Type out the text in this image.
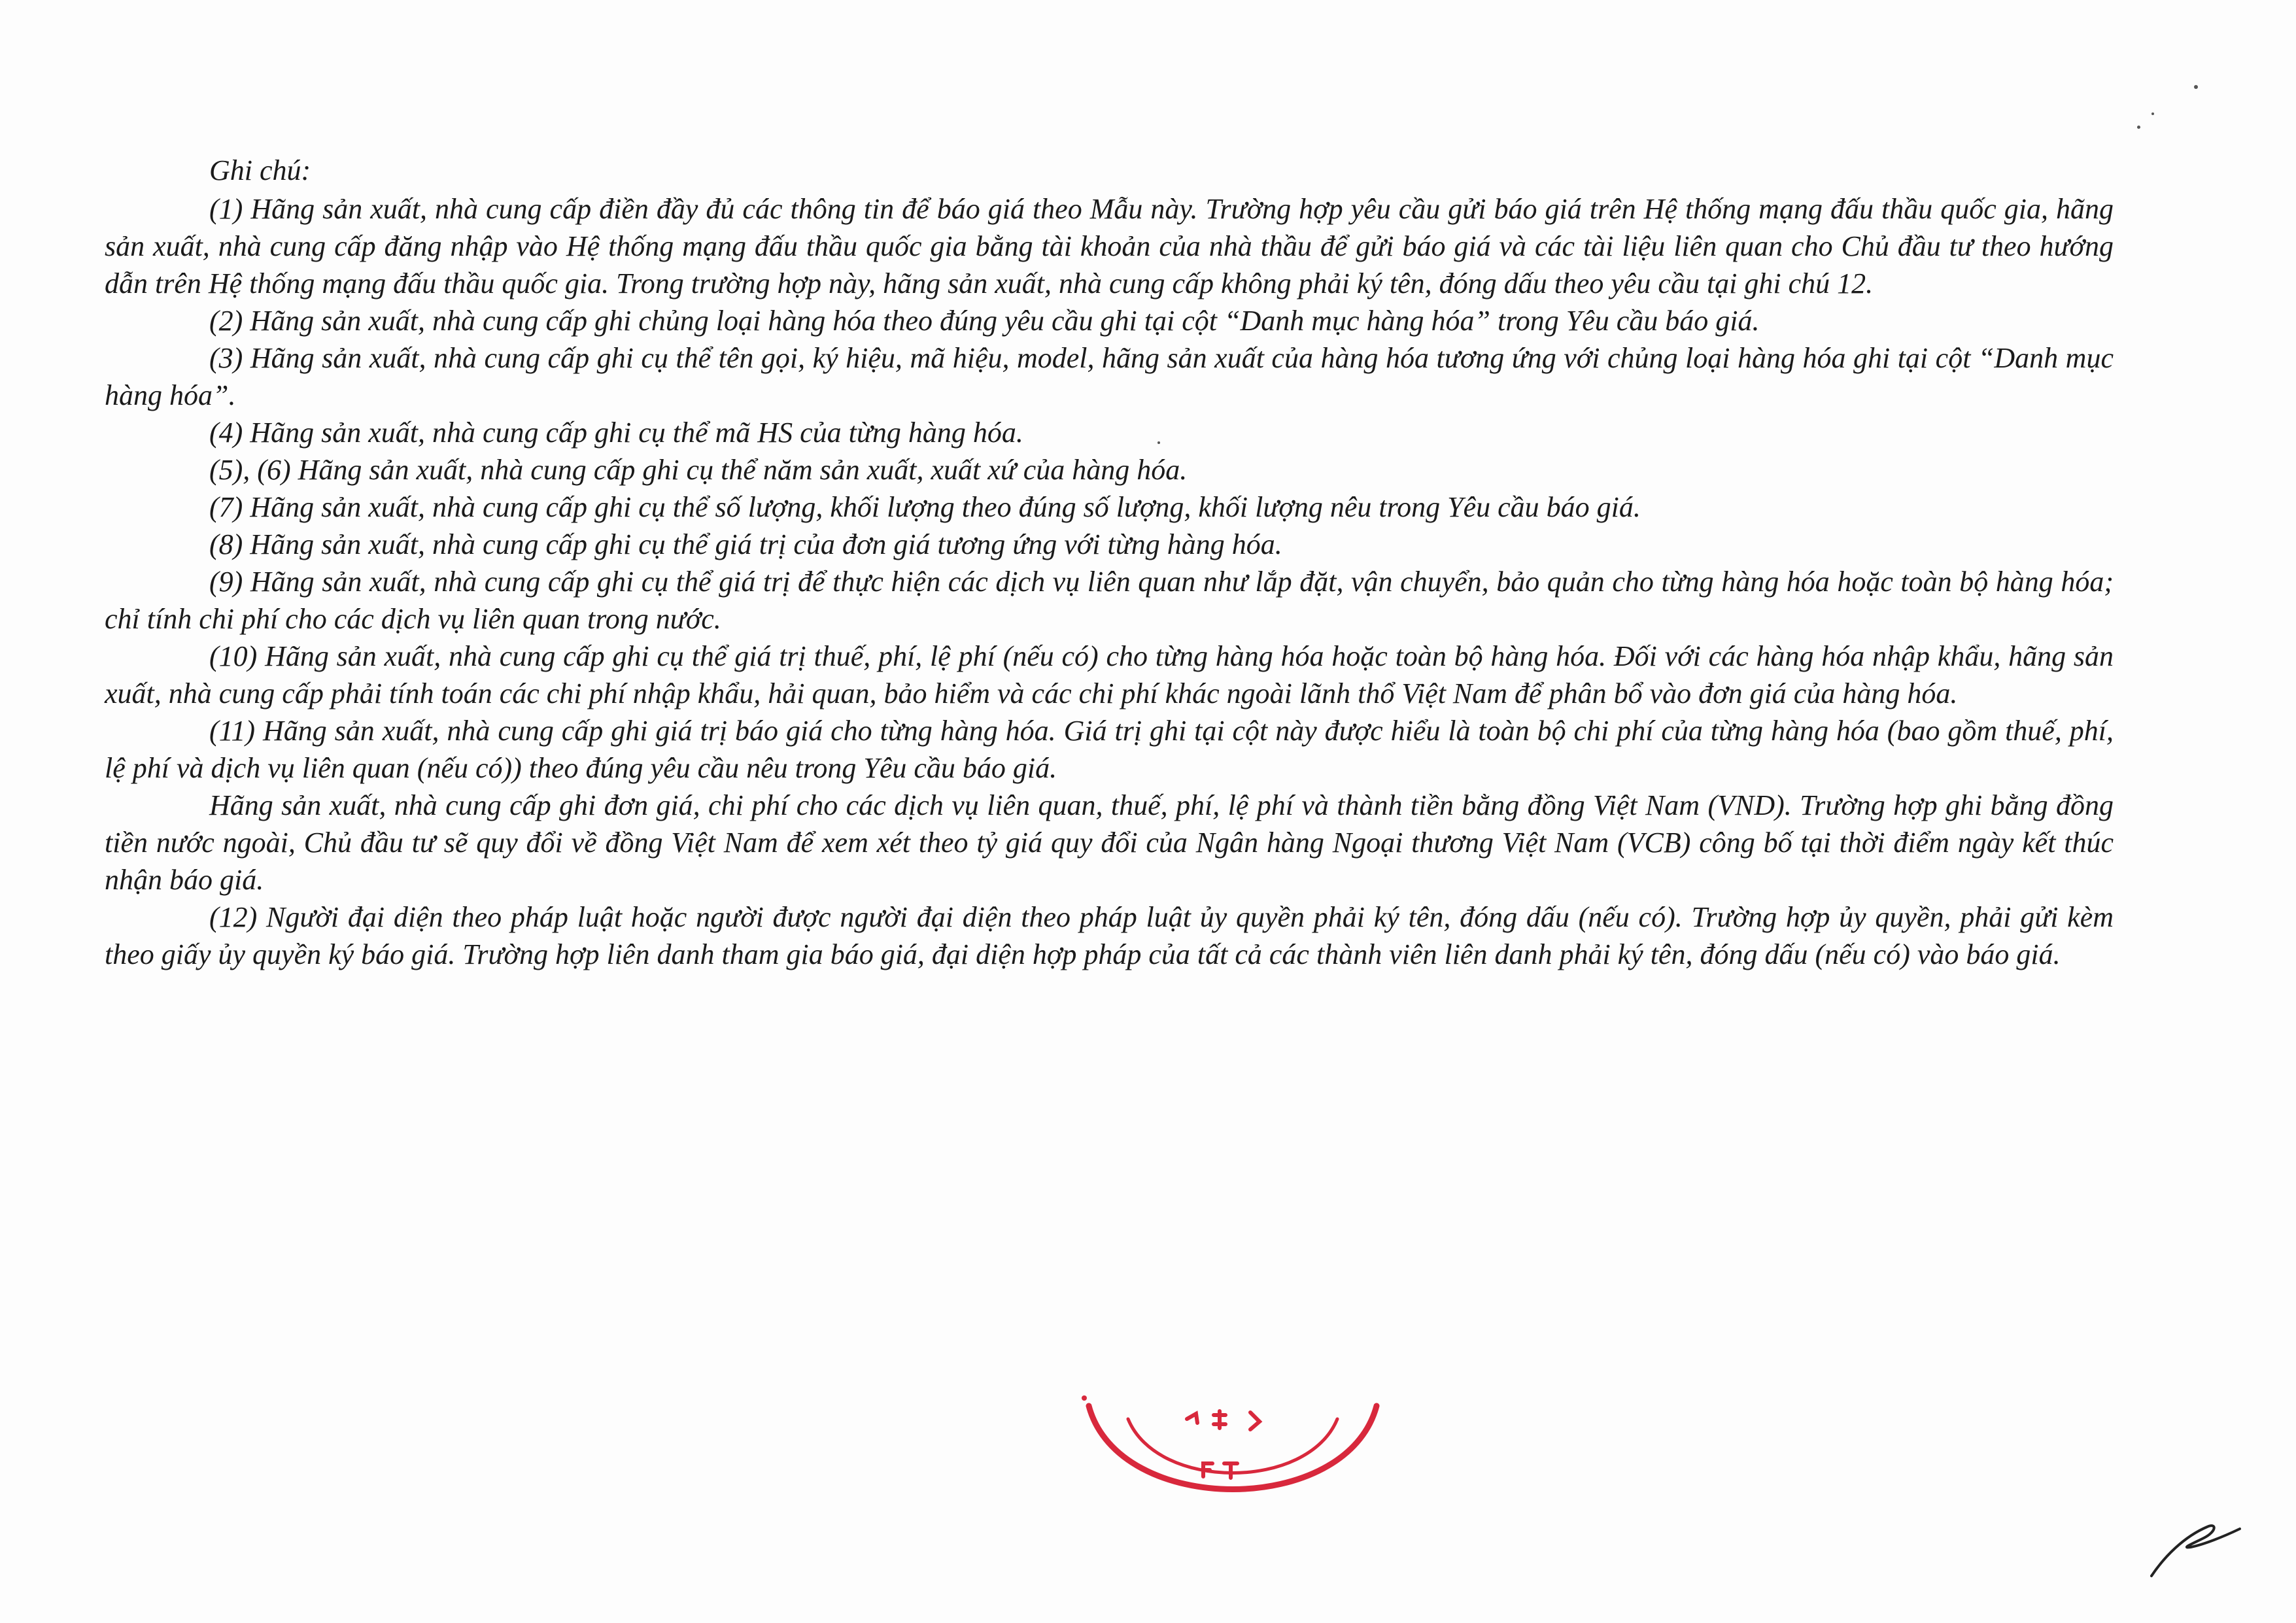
Ghi chú:

(1) Hãng sản xuất, nhà cung cấp điền đầy đủ các thông tin để báo giá theo Mẫu này. Trường hợp yêu cầu gửi báo giá trên Hệ thống mạng đấu thầu quốc gia, hãng sản xuất, nhà cung cấp đăng nhập vào Hệ thống mạng đấu thầu quốc gia bằng tài khoản của nhà thầu để gửi báo giá và các tài liệu liên quan cho Chủ đầu tư theo hướng dẫn trên Hệ thống mạng đấu thầu quốc gia. Trong trường hợp này, hãng sản xuất, nhà cung cấp không phải ký tên, đóng dấu theo yêu cầu tại ghi chú 12.

(2) Hãng sản xuất, nhà cung cấp ghi chủng loại hàng hóa theo đúng yêu cầu ghi tại cột “Danh mục hàng hóa” trong Yêu cầu báo giá.

(3) Hãng sản xuất, nhà cung cấp ghi cụ thể tên gọi, ký hiệu, mã hiệu, model, hãng sản xuất của hàng hóa tương ứng với chủng loại hàng hóa ghi tại cột “Danh mục hàng hóa”.

(4) Hãng sản xuất, nhà cung cấp ghi cụ thể mã HS của từng hàng hóa.

(5), (6) Hãng sản xuất, nhà cung cấp ghi cụ thể năm sản xuất, xuất xứ của hàng hóa.

(7) Hãng sản xuất, nhà cung cấp ghi cụ thể số lượng, khối lượng theo đúng số lượng, khối lượng nêu trong Yêu cầu báo giá.

(8) Hãng sản xuất, nhà cung cấp ghi cụ thể giá trị của đơn giá tương ứng với từng hàng hóa.

(9) Hãng sản xuất, nhà cung cấp ghi cụ thể giá trị để thực hiện các dịch vụ liên quan như lắp đặt, vận chuyển, bảo quản cho từng hàng hóa hoặc toàn bộ hàng hóa; chỉ tính chi phí cho các dịch vụ liên quan trong nước.

(10) Hãng sản xuất, nhà cung cấp ghi cụ thể giá trị thuế, phí, lệ phí (nếu có) cho từng hàng hóa hoặc toàn bộ hàng hóa. Đối với các hàng hóa nhập khẩu, hãng sản xuất, nhà cung cấp phải tính toán các chi phí nhập khẩu, hải quan, bảo hiểm và các chi phí khác ngoài lãnh thổ Việt Nam để phân bổ vào đơn giá của hàng hóa.

(11) Hãng sản xuất, nhà cung cấp ghi giá trị báo giá cho từng hàng hóa. Giá trị ghi tại cột này được hiểu là toàn bộ chi phí của từng hàng hóa (bao gồm thuế, phí, lệ phí và dịch vụ liên quan (nếu có)) theo đúng yêu cầu nêu trong Yêu cầu báo giá.

Hãng sản xuất, nhà cung cấp ghi đơn giá, chi phí cho các dịch vụ liên quan, thuế, phí, lệ phí và thành tiền bằng đồng Việt Nam (VND). Trường hợp ghi bằng đồng tiền nước ngoài, Chủ đầu tư sẽ quy đổi về đồng Việt Nam để xem xét theo tỷ giá quy đổi của Ngân hàng Ngoại thương Việt Nam (VCB) công bố tại thời điểm ngày kết thúc nhận báo giá.

(12) Người đại diện theo pháp luật hoặc người được người đại diện theo pháp luật ủy quyền phải ký tên, đóng dấu (nếu có). Trường hợp ủy quyền, phải gửi kèm theo giấy ủy quyền ký báo giá. Trường hợp liên danh tham gia báo giá, đại diện hợp pháp của tất cả các thành viên liên danh phải ký tên, đóng dấu (nếu có) vào báo giá.
